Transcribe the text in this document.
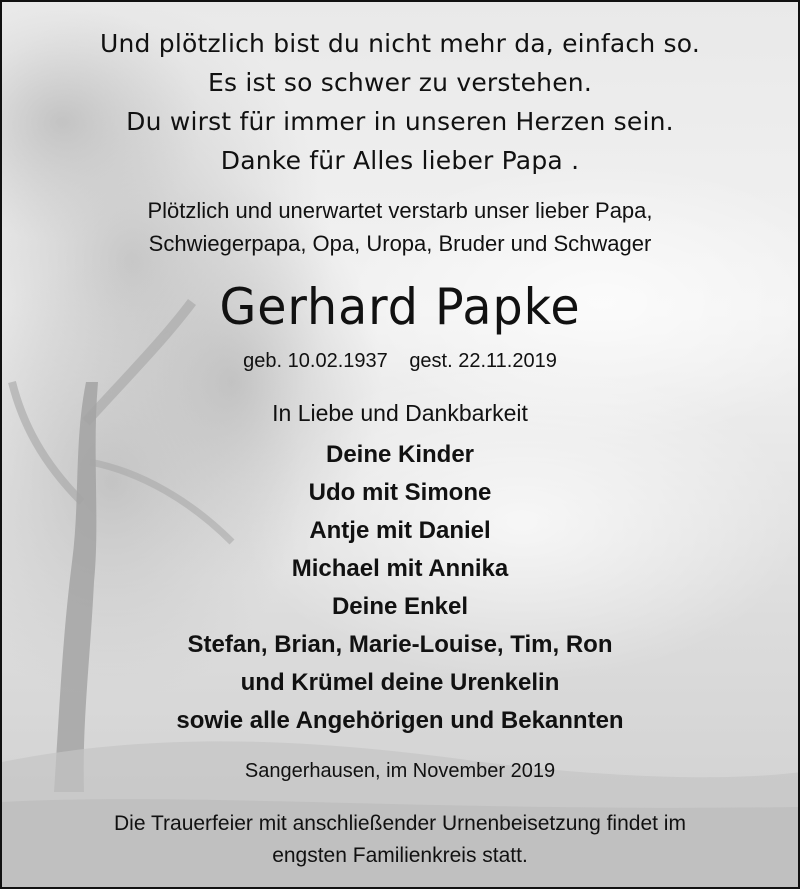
Und plötzlich bist du nicht mehr da, einfach so.
Es ist so schwer zu verstehen.
Du wirst für immer in unseren Herzen sein.
Danke für Alles lieber Papa .
Plötzlich und unerwartet verstarb unser lieber Papa,
Schwiegerpapa, Opa, Uropa, Bruder und Schwager
Gerhard Papke
geb. 10.02.1937 gest. 22.11.2019
In Liebe und Dankbarkeit
Deine Kinder
Udo mit Simone
Antje mit Daniel
Michael mit Annika
Deine Enkel
Stefan, Brian, Marie-Louise, Tim, Ron
und Krümel deine Urenkelin
sowie alle Angehörigen und Bekannten
Sangerhausen, im November 2019
Die Trauerfeier mit anschließender Urnenbeisetzung findet im
engsten Familienkreis statt.
